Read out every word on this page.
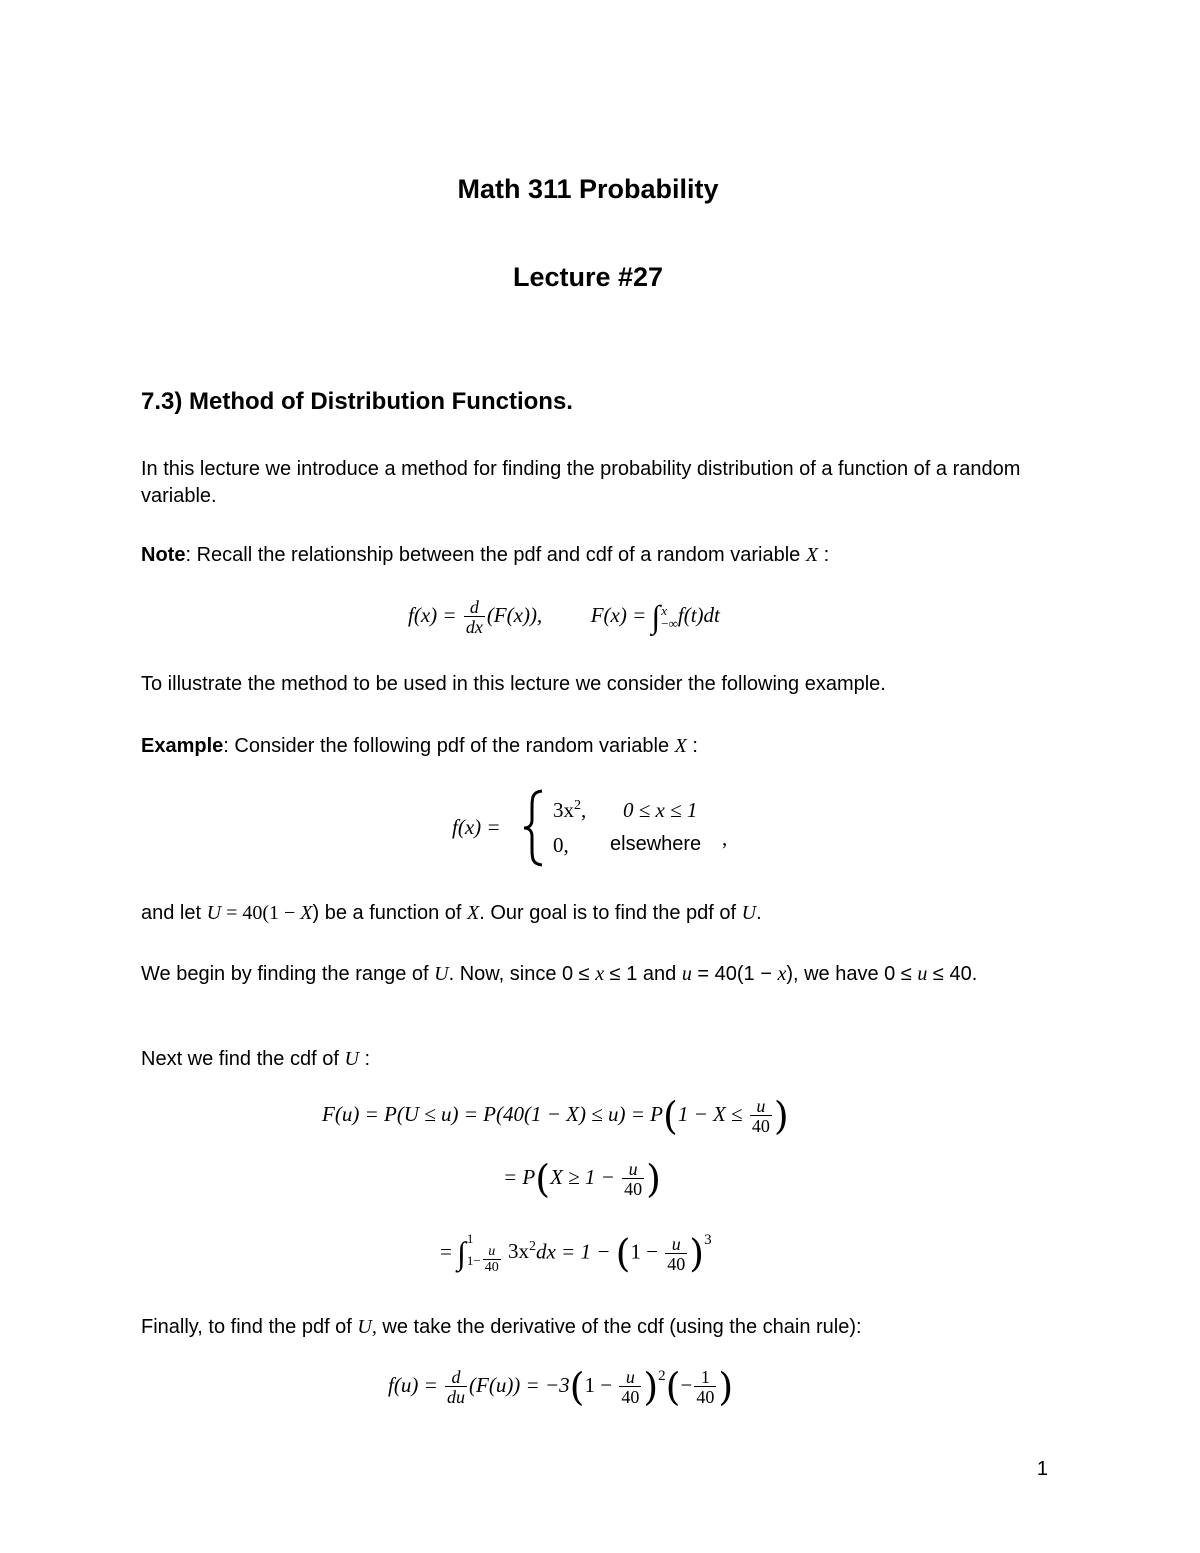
Math 311 Probability
Lecture #27
7.3) Method of Distribution Functions.
In this lecture we introduce a method for finding the probability distribution of a function of a random variable.
Note: Recall the relationship between the pdf and cdf of a random variable X :
$f(x) = \frac{d}{dx} (F(x))$, F(x) = ∫ x
−∞ f(t)dt
To illustrate the method to be used in this lecture we consider the following example.
Example: Consider the following pdf of the random variable X :
f(x) =
$3x^2$, 0 ≤ x ≤ 1
0, elsewhere ,
and let U = 40(1 − X) be a function of X. Our goal is to find the pdf of U.
We begin by finding the range of U. Now, since 0 ≤ x ≤ 1 and u = 40(1 − x), we have 0 ≤ u ≤ 40.
Next we find the cdf of U :
$F(u) = P(U \le u) = P(40(1 - X) \le u) = P(1 - X \le \frac{u}{40}$ )
= $P(X \ge 1 - \frac{u}{40}$ )
= ∫ 1
$1- \frac{u}{40} 3x^2dx = 1 - (1 - \frac{u}{40} )^3$
Finally, to find the pdf of U, we take the derivative of the cdf (using the chain rule):
$f(u) = \frac{d}{du} (F(u)) = -3(1 - \frac{u}{40} )^2(- \frac{1}{40}$ )
1
